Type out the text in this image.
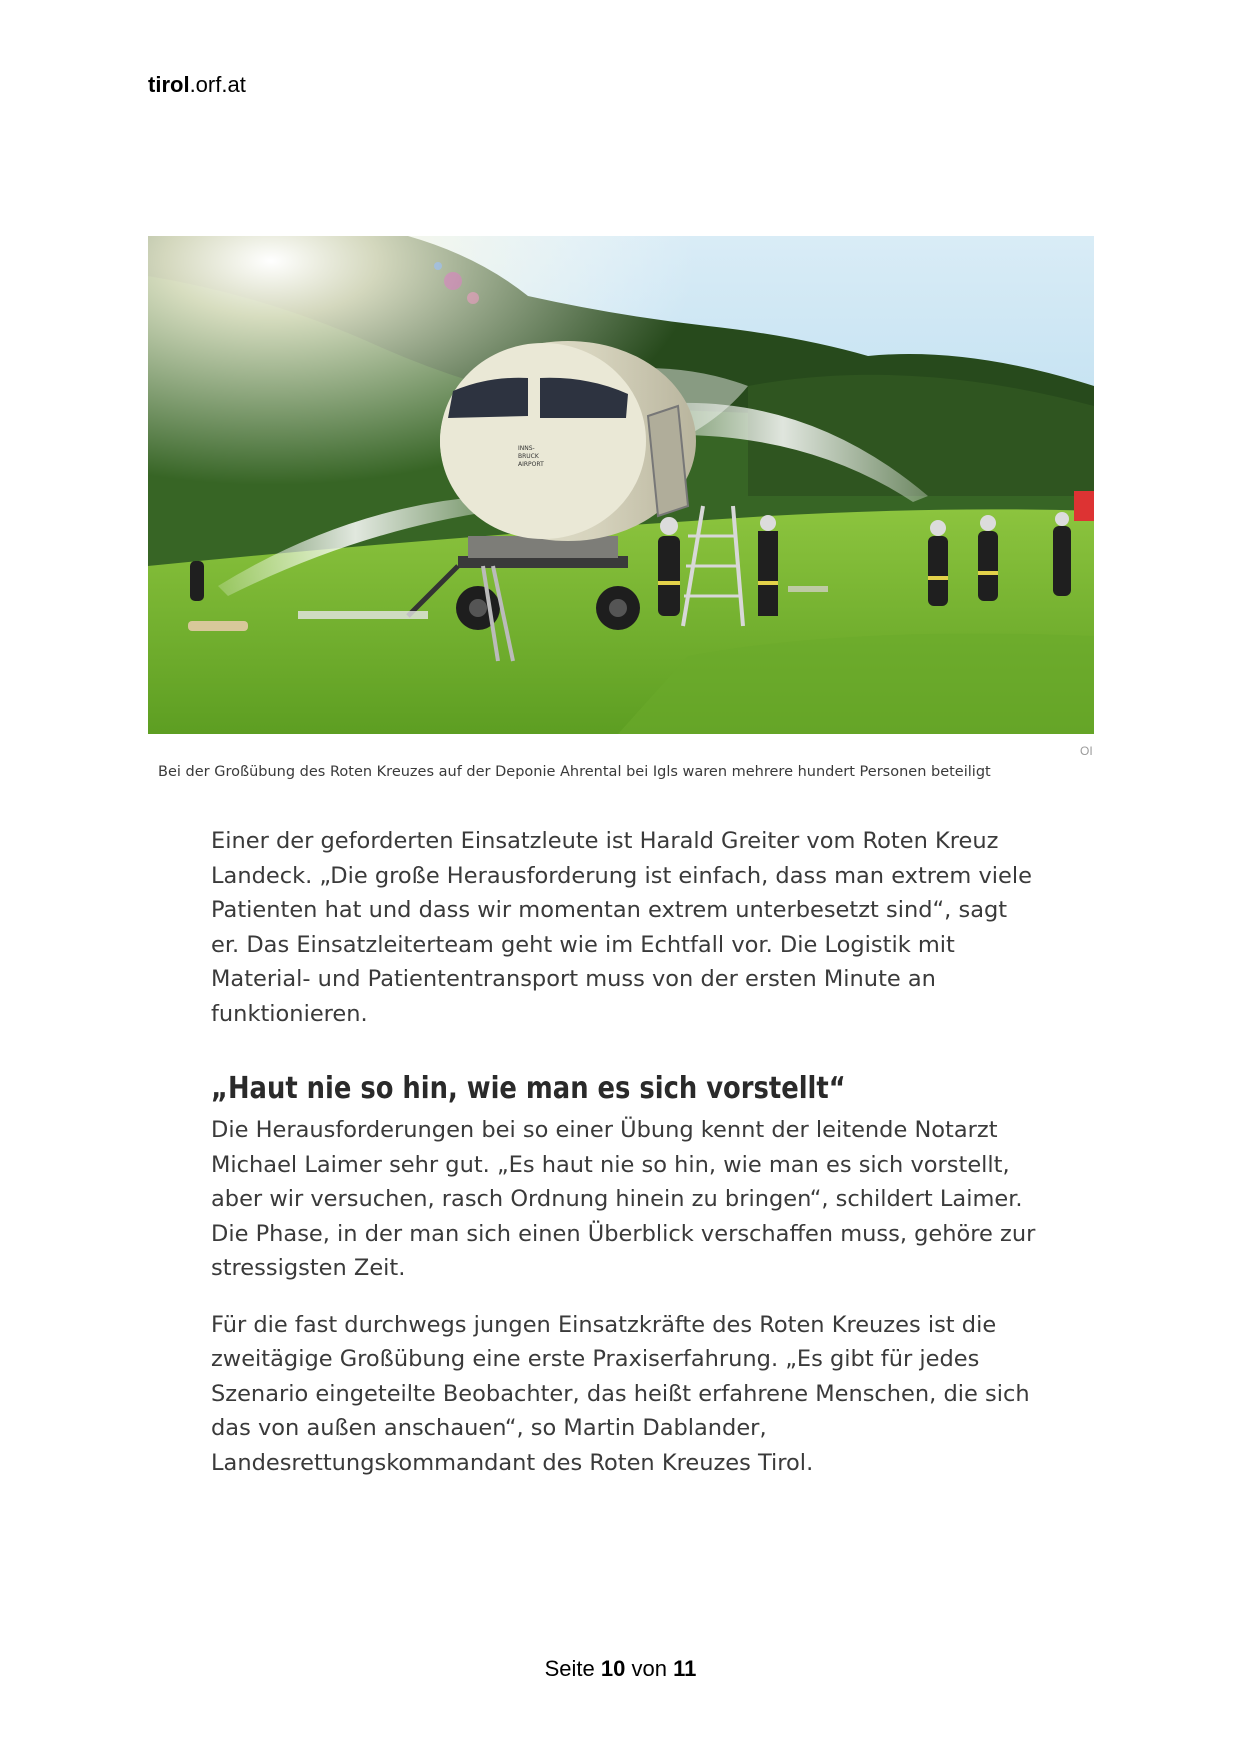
tirol.orf.at
INNS-
BRUCK
AIRPORT
OI
Bei der Großübung des Roten Kreuzes auf der Deponie Ahrental bei Igls waren mehrere hundert Personen beteiligt

Einer der geforderten Einsatzleute ist Harald Greiter vom Roten Kreuz Landeck. „Die große Herausforderung ist einfach, dass man extrem viele Patienten hat und dass wir momentan extrem unterbesetzt sind“, sagt er. Das Einsatzleiterteam geht wie im Echtfall vor. Die Logistik mit Material- und Patiententransport muss von der ersten Minute an funktionieren.

„Haut nie so hin, wie man es sich vorstellt“

Die Herausforderungen bei so einer Übung kennt der leitende Notarzt Michael Laimer sehr gut. „Es haut nie so hin, wie man es sich vorstellt, aber wir versuchen, rasch Ordnung hinein zu bringen“, schildert Laimer. Die Phase, in der man sich einen Überblick verschaffen muss, gehöre zur stressigsten Zeit.

Für die fast durchwegs jungen Einsatzkräfte des Roten Kreuzes ist die zweitägige Großübung eine erste Praxiserfahrung. „Es gibt für jedes Szenario eingeteilte Beobachter, das heißt erfahrene Menschen, die sich das von außen anschauen“, so Martin Dablander, Landesrettungskommandant des Roten Kreuzes Tirol.

Seite 10 von 11
